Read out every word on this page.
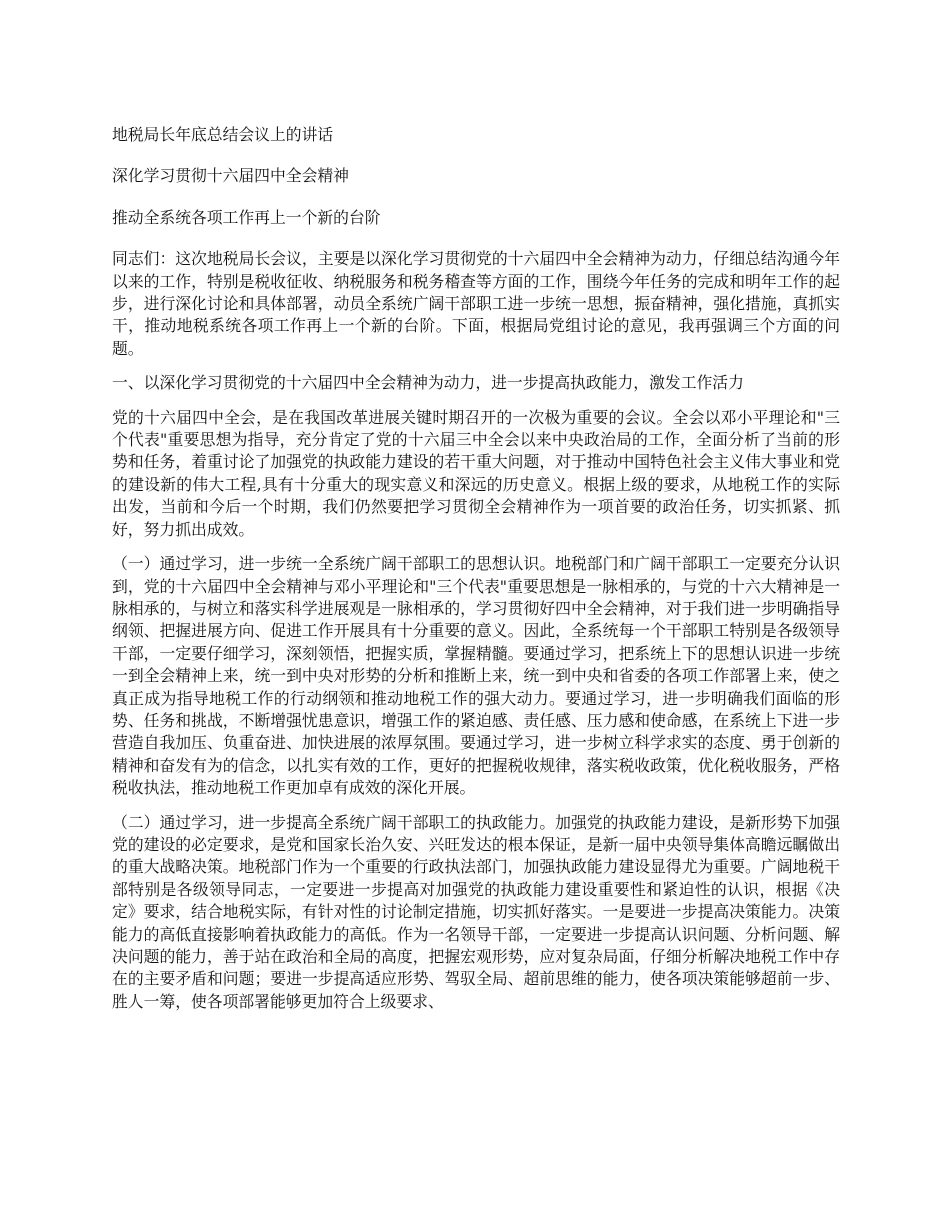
地税局长年底总结会议上的讲话

深化学习贯彻十六届四中全会精神

推动全系统各项工作再上一个新的台阶

同志们：这次地税局长会议，主要是以深化学习贯彻党的十六届四中全会精神为动力，仔细总结沟通今年以来的工作，特别是税收征收、纳税服务和税务稽查等方面的工作，围绕今年任务的完成和明年工作的起步，进行深化讨论和具体部署，动员全系统广阔干部职工进一步统一思想，振奋精神，强化措施，真抓实干，推动地税系统各项工作再上一个新的台阶。下面，根据局党组讨论的意见，我再强调三个方面的问题。

一、以深化学习贯彻党的十六届四中全会精神为动力，进一步提高执政能力，激发工作活力

党的十六届四中全会，是在我国改革进展关键时期召开的一次极为重要的会议。全会以邓小平理论和"三个代表"重要思想为指导，充分肯定了党的十六届三中全会以来中央政治局的工作，全面分析了当前的形势和任务，着重讨论了加强党的执政能力建设的若干重大问题，对于推动中国特色社会主义伟大事业和党的建设新的伟大工程,具有十分重大的现实意义和深远的历史意义。根据上级的要求，从地税工作的实际出发，当前和今后一个时期，我们仍然要把学习贯彻全会精神作为一项首要的政治任务，切实抓紧、抓好，努力抓出成效。

（一）通过学习，进一步统一全系统广阔干部职工的思想认识。地税部门和广阔干部职工一定要充分认识到，党的十六届四中全会精神与邓小平理论和"三个代表"重要思想是一脉相承的，与党的十六大精神是一脉相承的，与树立和落实科学进展观是一脉相承的，学习贯彻好四中全会精神，对于我们进一步明确指导纲领、把握进展方向、促进工作开展具有十分重要的意义。因此，全系统每一个干部职工特别是各级领导干部，一定要仔细学习，深刻领悟，把握实质，掌握精髓。要通过学习，把系统上下的思想认识进一步统一到全会精神上来，统一到中央对形势的分析和推断上来，统一到中央和省委的各项工作部署上来，使之真正成为指导地税工作的行动纲领和推动地税工作的强大动力。要通过学习，进一步明确我们面临的形势、任务和挑战，不断增强忧患意识，增强工作的紧迫感、责任感、压力感和使命感，在系统上下进一步营造自我加压、负重奋进、加快进展的浓厚氛围。要通过学习，进一步树立科学求实的态度、勇于创新的精神和奋发有为的信念，以扎实有效的工作，更好的把握税收规律，落实税收政策，优化税收服务，严格税收执法，推动地税工作更加卓有成效的深化开展。

（二）通过学习，进一步提高全系统广阔干部职工的执政能力。加强党的执政能力建设，是新形势下加强党的建设的必定要求，是党和国家长治久安、兴旺发达的根本保证，是新一届中央领导集体高瞻远瞩做出的重大战略决策。地税部门作为一个重要的行政执法部门，加强执政能力建设显得尤为重要。广阔地税干部特别是各级领导同志，一定要进一步提高对加强党的执政能力建设重要性和紧迫性的认识，根据《决定》要求，结合地税实际，有针对性的讨论制定措施，切实抓好落实。一是要进一步提高决策能力。决策能力的高低直接影响着执政能力的高低。作为一名领导干部，一定要进一步提高认识问题、分析问题、解决问题的能力，善于站在政治和全局的高度，把握宏观形势，应对复杂局面，仔细分析解决地税工作中存在的主要矛盾和问题；要进一步提高适应形势、驾驭全局、超前思维的能力，使各项决策能够超前一步、胜人一筹，使各项部署能够更加符合上级要求、
